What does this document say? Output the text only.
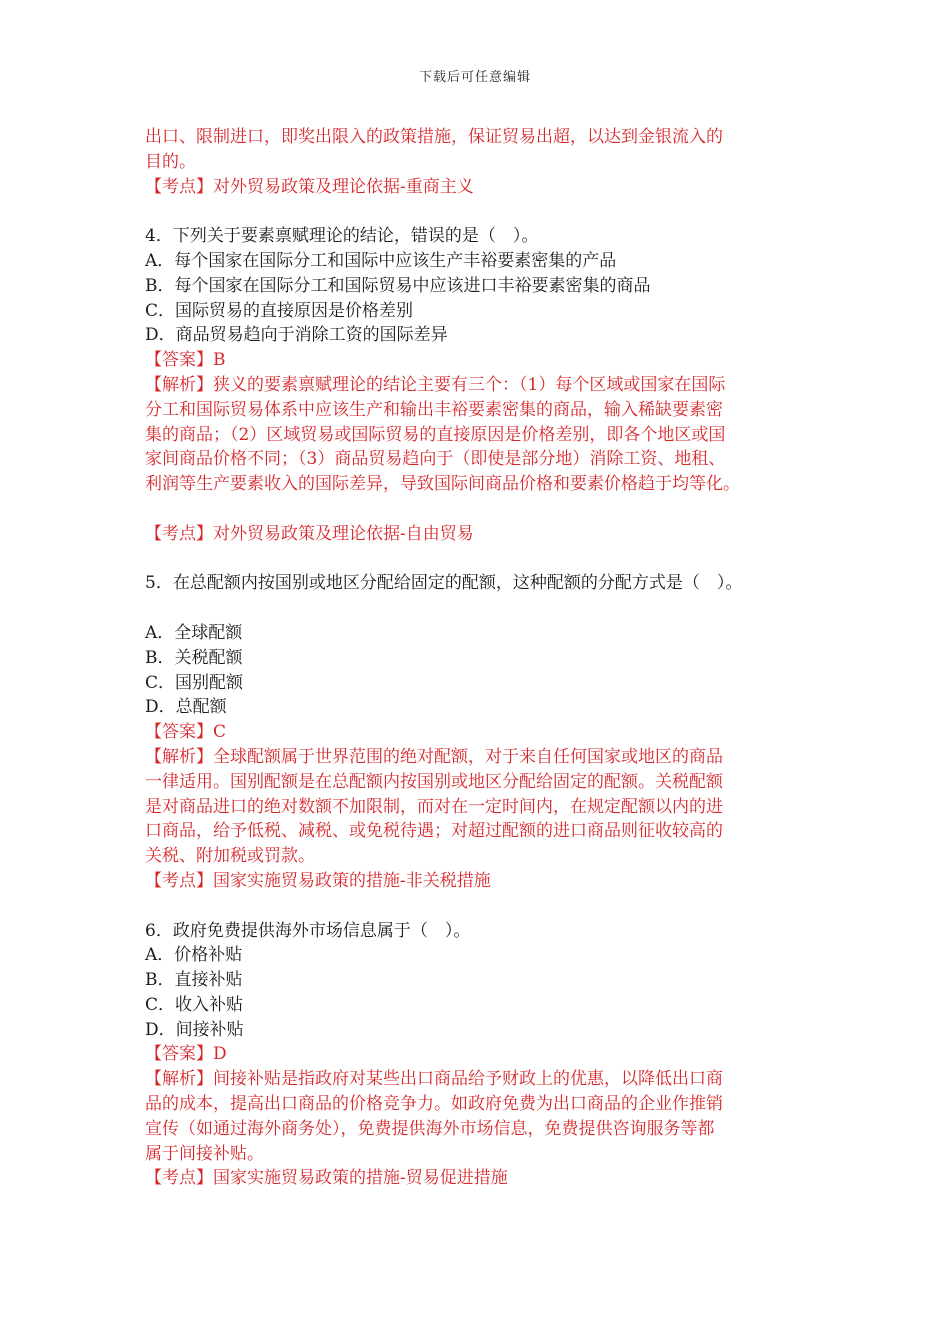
下载后可任意编辑
出口、限制进口，即奖出限入的政策措施，保证贸易出超，以达到金银流入的
目的。
【考点】对外贸易政策及理论依据-重商主义
4．下列关于要素禀赋理论的结论，错误的是（　）。
A．每个国家在国际分工和国际中应该生产丰裕要素密集的产品
B．每个国家在国际分工和国际贸易中应该进口丰裕要素密集的商品
C．国际贸易的直接原因是价格差别
D．商品贸易趋向于消除工资的国际差异
【答案】B
【解析】狭义的要素禀赋理论的结论主要有三个：（1）每个区域或国家在国际
分工和国际贸易体系中应该生产和输出丰裕要素密集的商品，输入稀缺要素密
集的商品；（2）区域贸易或国际贸易的直接原因是价格差别，即各个地区或国
家间商品价格不同；（3）商品贸易趋向于（即使是部分地）消除工资、地租、
利润等生产要素收入的国际差异，导致国际间商品价格和要素价格趋于均等化。
【考点】对外贸易政策及理论依据-自由贸易
5．在总配额内按国别或地区分配给固定的配额，这种配额的分配方式是（　）。
A．全球配额
B．关税配额
C．国别配额
D．总配额
【答案】C
【解析】全球配额属于世界范围的绝对配额，对于来自任何国家或地区的商品
一律适用。国别配额是在总配额内按国别或地区分配给固定的配额。关税配额
是对商品进口的绝对数额不加限制，而对在一定时间内，在规定配额以内的进
口商品，给予低税、减税、或免税待遇；对超过配额的进口商品则征收较高的
关税、附加税或罚款。
【考点】国家实施贸易政策的措施-非关税措施
6．政府免费提供海外市场信息属于（　）。
A．价格补贴
B．直接补贴
C．收入补贴
D．间接补贴
【答案】D
【解析】间接补贴是指政府对某些出口商品给予财政上的优惠，以降低出口商
品的成本，提高出口商品的价格竞争力。如政府免费为出口商品的企业作推销
宣传（如通过海外商务处），免费提供海外市场信息，免费提供咨询服务等都
属于间接补贴。
【考点】国家实施贸易政策的措施-贸易促进措施
